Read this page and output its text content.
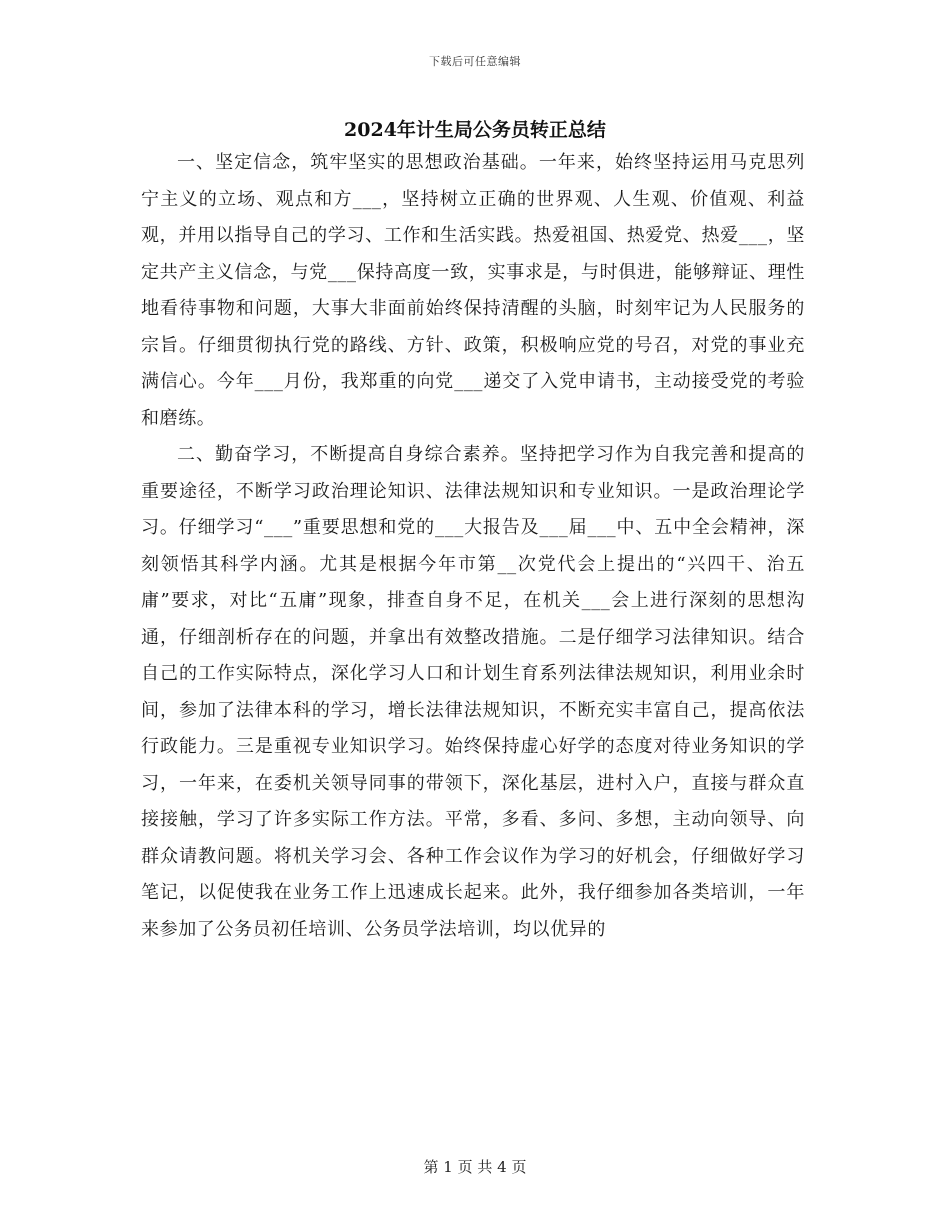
下载后可任意编辑
2024年计生局公务员转正总结

一、坚定信念，筑牢坚实的思想政治基础。一年来，始终坚持运用马克思列宁主义的立场、观点和方___，坚持树立正确的世界观、人生观、价值观、利益观，并用以指导自己的学习、工作和生活实践。热爱祖国、热爱党、热爱___，坚定共产主义信念，与党___保持高度一致，实事求是，与时俱进，能够辩证、理性地看待事物和问题，大事大非面前始终保持清醒的头脑，时刻牢记为人民服务的宗旨。仔细贯彻执行党的路线、方针、政策，积极响应党的号召，对党的事业充满信心。今年___月份，我郑重的向党___递交了入党申请书，主动接受党的考验和磨练。

二、勤奋学习，不断提高自身综合素养。坚持把学习作为自我完善和提高的重要途径，不断学习政治理论知识、法律法规知识和专业知识。一是政治理论学习。仔细学习“___”重要思想和党的___大报告及___届___中、五中全会精神，深刻领悟其科学内涵。尤其是根据今年市第__次党代会上提出的“兴四干、治五庸”要求，对比“五庸”现象，排查自身不足，在机关___会上进行深刻的思想沟通，仔细剖析存在的问题，并拿出有效整改措施。二是仔细学习法律知识。结合自己的工作实际特点，深化学习人口和计划生育系列法律法规知识，利用业余时间，参加了法律本科的学习，增长法律法规知识，不断充实丰富自己，提高依法行政能力。三是重视专业知识学习。始终保持虚心好学的态度对待业务知识的学习，一年来，在委机关领导同事的带领下，深化基层，进村入户，直接与群众直接接触，学习了许多实际工作方法。平常，多看、多问、多想，主动向领导、向群众请教问题。将机关学习会、各种工作会议作为学习的好机会，仔细做好学习笔记，以促使我在业务工作上迅速成长起来。此外，我仔细参加各类培训，一年来参加了公务员初任培训、公务员学法培训，均以优异的

第 1 页 共 4 页
